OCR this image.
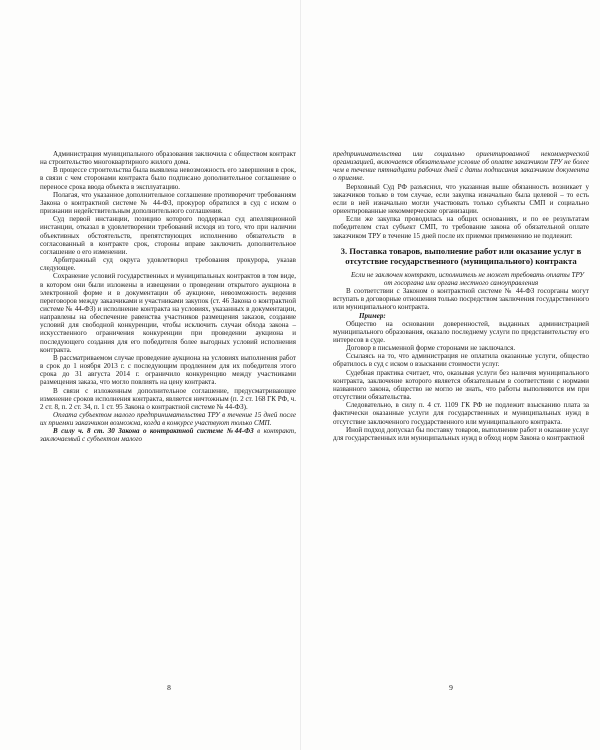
Администрация муниципального образования заключила с обществом контракт на строительство многоквартирного жилого дома.

В процессе строительства была выявлена невозможность его завершения в срок, в связи с чем сторонами контракта было подписано дополнительное соглашение о переносе срока ввода объекта в эксплуатацию.

Полагая, что указанное дополнительное соглашение противоречит требованиям Закона о контрактной системе № 44-ФЗ, прокурор обратился в суд с иском о признании недействительным дополнительного соглашения.

Суд первой инстанции, позицию которого поддержал суд апелляционной инстанции, отказал в удовлетворении требований исходя из того, что при наличии объективных обстоятельств, препятствующих исполнению обязательств в согласованный в контракте срок, стороны вправе заключить дополнительное соглашение о его изменении.

Арбитражный суд округа удовлетворил требования прокурора, указав следующее.

Сохранение условий государственных и муниципальных контрактов в том виде, в котором они были изложены в извещении о проведении открытого аукциона в электронной форме и в документации об аукционе, невозможность ведения переговоров между заказчиками и участниками закупок (ст. 46 Закона о контрактной системе № 44-ФЗ) и исполнение контракта на условиях, указанных в документации, направлены на обеспечение равенства участников размещения заказов, создание условий для свободной конкуренции, чтобы исключить случаи обхода закона – искусственного ограничения конкуренции при проведении аукциона и последующего создания для его победителя более выгодных условий исполнения контракта.

В рассматриваемом случае проведение аукциона на условиях выполнения работ в срок до 1 ноября 2013 г. с последующим продлением для их победителя этого срока до 31 августа 2014 г. ограничило конкуренцию между участниками размещения заказа, что могло повлиять на цену контракта.

В связи с изложенным дополнительное соглашение, предусматривающее изменение сроков исполнения контракта, является ничтожным (п. 2 ст. 168 ГК РФ, ч. 2 ст. 8, п. 2 ст. 34, п. 1 ст. 95 Закона о контрактной системе № 44-ФЗ).

Оплата субъектом малого предпринимательства ТРУ в течение 15 дней после их приемки заказчиком возможна, когда в конкурсе участвуют только СМП.

В силу ч. 8 ст. 30 Закона о контрактной системе №44-ФЗ в контракт, заключаемый с субъектом малого

8

предпринимательства или социально ориентированной некоммерческой организацией, включается обязательное условие об оплате заказчиком ТРУ не более чем в течение пятнадцати рабочих дней с даты подписания заказчиком документа о приемке.

Верховный Суд РФ разъяснил, что указанная выше обязанность возникает у заказчиков только в том случае, если закупка изначально была целевой – то есть если в ней изначально могли участвовать только субъекты СМП и социально ориентированные некоммерческие организации.

Если же закупка проводилась на общих основаниях, и по ее результатам победителем стал субъект СМП, то требование закона об обязательной оплате заказчиком ТРУ в течение 15 дней после их приемки применению не подлежит.

3. Поставка товаров, выполнение работ или оказание услуг в отсутствие государственного (муниципального) контракта

Если не заключен контракт, исполнитель не может требовать оплаты ТРУ от госоргана или органа местного самоуправления

В соответствии с Законом о контрактной системе № 44-ФЗ госорганы могут вступать в договорные отношения только посредством заключения государственного или муниципального контракта.

Пример:

Общество на основании доверенностей, выданных администрацией муниципального образования, оказало последнему услуги по представительству его интересов в суде.

Договор в письменной форме сторонами не заключался.

Ссылаясь на то, что администрация не оплатила оказанные услуги, общество обратилось в суд с иском о взыскании стоимости услуг.

Судебная практика считает, что, оказывая услуги без наличия муниципального контракта, заключение которого является обязательным в соответствии с нормами названного закона, общество не могло не знать, что работы выполняются им при отсутствии обязательства.

Следовательно, в силу п. 4 ст. 1109 ГК РФ не подлежит взысканию плата за фактически оказанные услуги для государственных и муниципальных нужд в отсутствие заключенного государственного или муниципального контракта.

Иной подход допускал бы поставку товаров, выполнение работ и оказание услуг для государственных или муниципальных нужд в обход норм Закона о контрактной

9
